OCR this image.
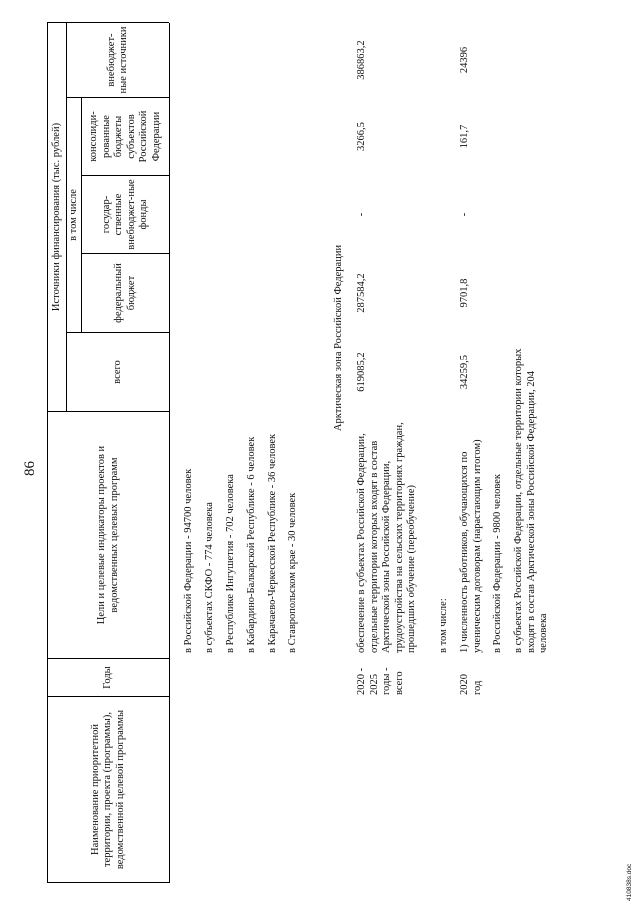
86
Наименование приоритетной территории, проекта (программы), ведомственной целевой программы
Годы
Цели и целевые индикаторы проектов и ведомственных целевых программ
Источники финансирования (тыс. рублей)
всего
в том числе
федеральный бюджет
государ-ственные внебюджет-ные фонды
консолиди-рованные бюджеты субъектов Российской Федерации
внебюджет-ные источники
в Российской Федерации - 94700 человек в субъектах СКФО - 774 человека в Республике Ингушетия - 702 человека в Кабардино-Балкарской Республике - 6 человек в Карачаево-Черкесской Республике - 36 человек в Ставропольском крае - 30 человек
Арктическая зона Российской Федерации
2020 - 2025 годы - всего
обеспечение в субъектах Российской Федерации, отдельные территории которых входят в состав Арктической зоны Российской Федерации, трудоустройства на сельских территориях граждан, прошедших обучение (переобучение)
619085,2
287584,2
-
3266,5
386863,2
в том числе:
2020 год
1) численность работников, обучающихся по ученическим договорам (нарастающим итогом) в Российской Федерации - 9800 человек в субъектах Российской Федерации, отдельные территории которых входят в состав Арктической зоны Российской Федерации, 204 человека
34259,5
9701,8
-
161,7
24396
410838s.doc
